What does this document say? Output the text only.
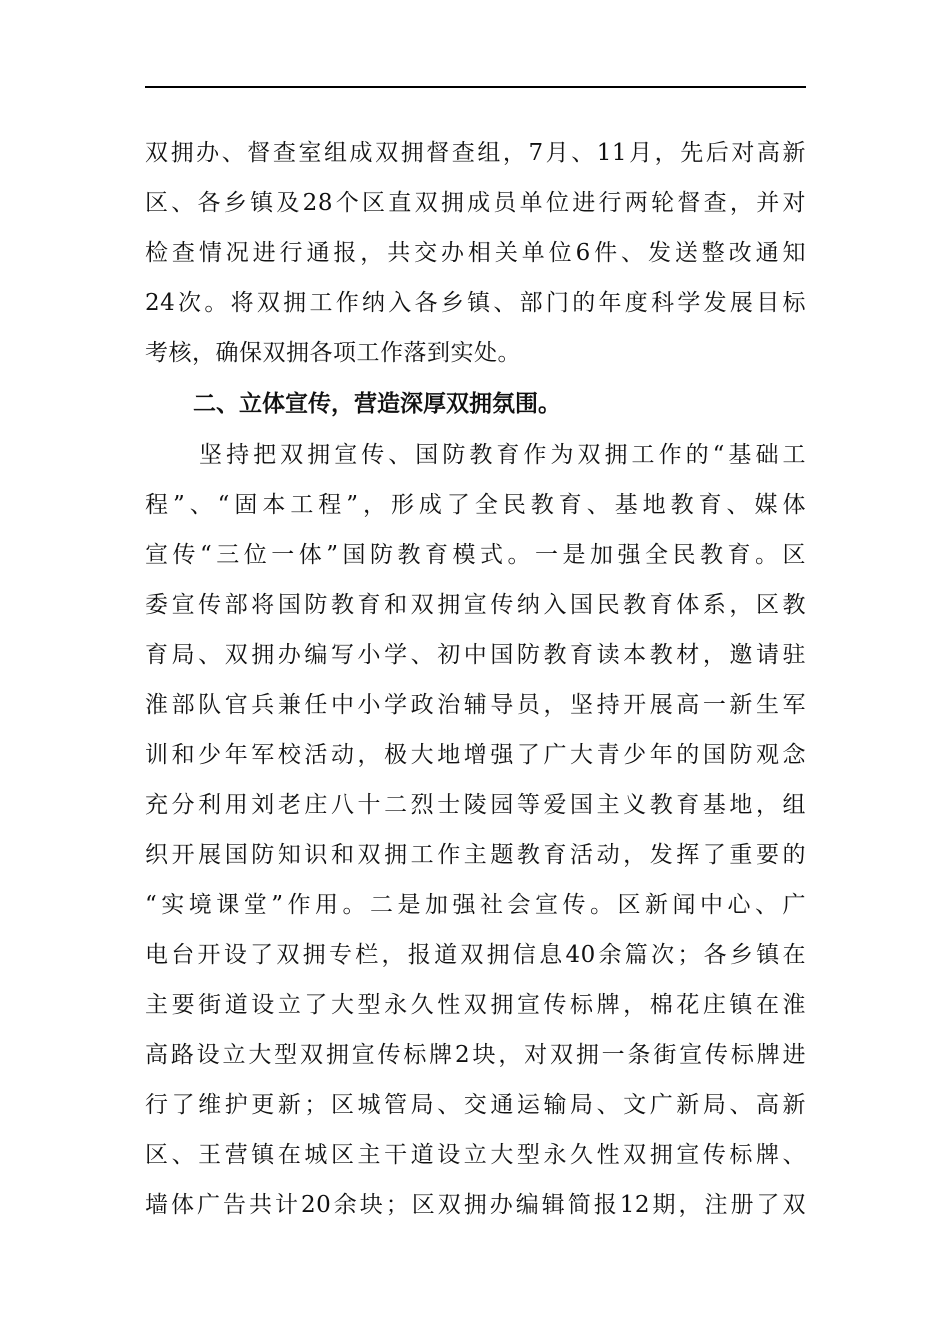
双拥办、督查室组成双拥督查组，7月、11月，先后对高新
区、各乡镇及28个区直双拥成员单位进行两轮督查，并对
检查情况进行通报，共交办相关单位6件、发送整改通知
24次。将双拥工作纳入各乡镇、部门的年度科学发展目标
考核，确保双拥各项工作落到实处。
二、立体宣传，营造深厚双拥氛围。
　　坚持把双拥宣传、国防教育作为双拥工作的“基础工
程”、“固本工程”，形成了全民教育、基地教育、媒体
宣传“三位一体”国防教育模式。一是加强全民教育。区
委宣传部将国防教育和双拥宣传纳入国民教育体系，区教
育局、双拥办编写小学、初中国防教育读本教材，邀请驻
淮部队官兵兼任中小学政治辅导员，坚持开展高一新生军
训和少年军校活动，极大地增强了广大青少年的国防观念
充分利用刘老庄八十二烈士陵园等爱国主义教育基地，组
织开展国防知识和双拥工作主题教育活动，发挥了重要的
“实境课堂”作用。二是加强社会宣传。区新闻中心、广
电台开设了双拥专栏，报道双拥信息40余篇次；各乡镇在
主要街道设立了大型永久性双拥宣传标牌，棉花庄镇在淮
高路设立大型双拥宣传标牌2块，对双拥一条街宣传标牌进
行了维护更新；区城管局、交通运输局、文广新局、高新
区、王营镇在城区主干道设立大型永久性双拥宣传标牌、
墙体广告共计20余块；区双拥办编辑简报12期，注册了双
